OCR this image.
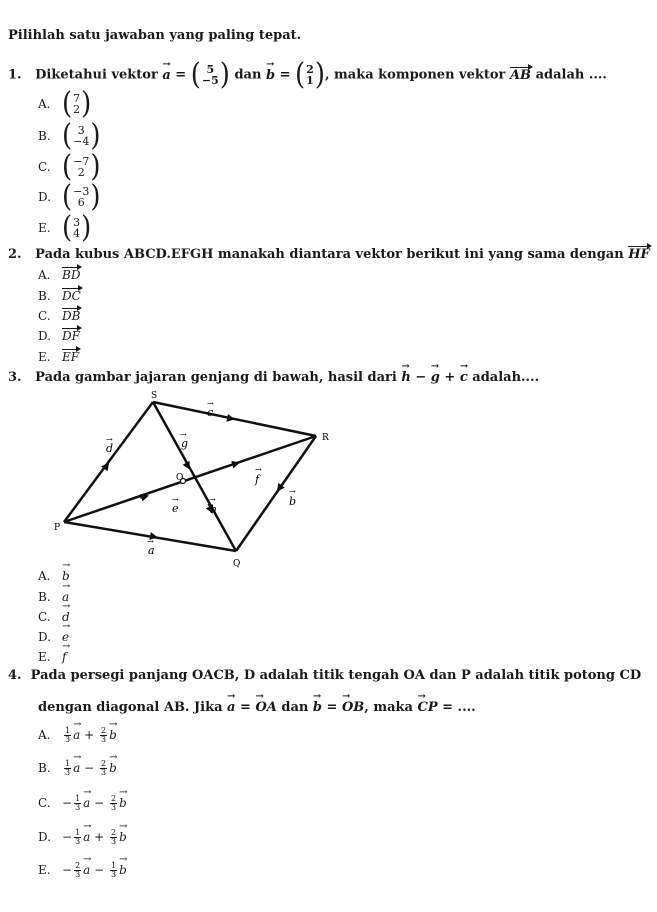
Pilihlah satu jawaban yang paling tepat.
1. Diketahui vektor → a = ( 5
−5 ) dan → b = ( 2
1 ) , maka komponen vektor AB adalah ....
A. ( 7
2 )
B. ( 3
−4 )
C. ( −7
2 )
D. ( −3
6 )
E. ( 3
4 )
2. Pada kubus ABCD.EFGH manakah diantara vektor berikut ini yang sama dengan HF
A. BD
B. DC
C. DB
D. DF
E. EF
3. Pada gambar jajaran genjang di bawah, hasil dari → h − → g + → c adalah....
S
R
P
Q
O
d
→
c
→
g
→
f
→
e
→
h
→	b
→
a
→
A.→ b
B.→ a
C.→ d
D.→ e
E.→ f
4. Pada persegi panjang OACB, D adalah titik tengah OA dan P adalah titik potong CD
dengan diagonal AB. Jika → a = → OA dan → b = → OB, maka → CP = ....
A. $\frac{1}{3}$
→ $a + \frac{2}{3}$
→ b
B. $\frac{1}{3}$
→ $a - \frac{2}{3}$
→ b
C. − $\frac{1}{3}$
→ $a - \frac{2}{3}$
→ b
D. − $\frac{1}{3}$
→ $a + \frac{2}{3}$
→ b
E. − $\frac{2}{3}$
→ $a - \frac{1}{3}$
→ b
